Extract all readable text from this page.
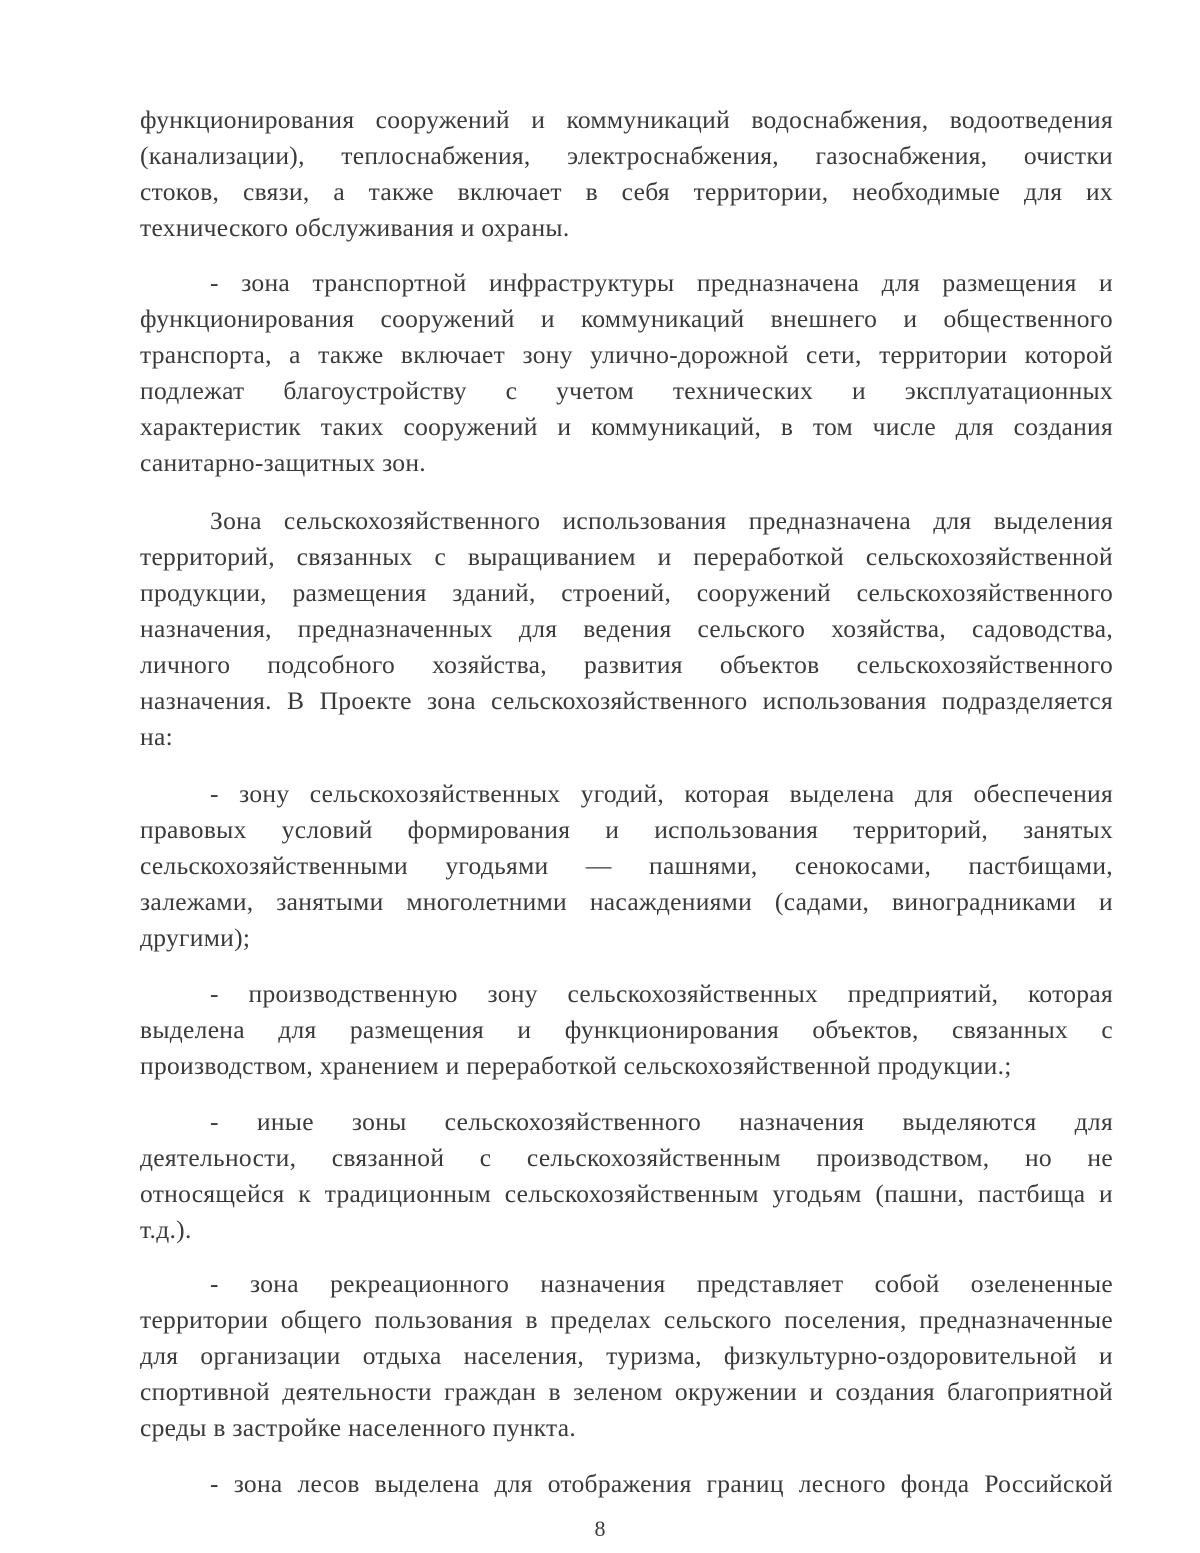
функционирования сооружений и коммуникаций водоснабжения, водоотведения
(канализации), теплоснабжения, электроснабжения, газоснабжения, очистки
стоков, связи, а также включает в себя территории, необходимые для их
технического обслуживания и охраны.
- зона транспортной инфраструктуры предназначена для размещения и
функционирования сооружений и коммуникаций внешнего и общественного
транспорта, а также включает зону улично-дорожной сети, территории которой
подлежат благоустройству с учетом технических и эксплуатационных
характеристик таких сооружений и коммуникаций, в том числе для создания
санитарно-защитных зон.
Зона сельскохозяйственного использования предназначена для выделения
территорий, связанных с выращиванием и переработкой сельскохозяйственной
продукции, размещения зданий, строений, сооружений сельскохозяйственного
назначения, предназначенных для ведения сельского хозяйства, садоводства,
личного подсобного хозяйства, развития объектов сельскохозяйственного
назначения. В Проекте зона сельскохозяйственного использования подразделяется
на:
- зону сельскохозяйственных угодий, которая выделена для обеспечения
правовых условий формирования и использования территорий, занятых
сельскохозяйственными угодьями — пашнями, сенокосами, пастбищами,
залежами, занятыми многолетними насаждениями (садами, виноградниками и
другими);
- производственную зону сельскохозяйственных предприятий, которая
выделена для размещения и функционирования объектов, связанных с
производством, хранением и переработкой сельскохозяйственной продукции.;
- иные зоны сельскохозяйственного назначения выделяются для
деятельности, связанной с сельскохозяйственным производством, но не
относящейся к традиционным сельскохозяйственным угодьям (пашни, пастбища и
т.д.).
- зона рекреационного назначения представляет собой озелененные
территории общего пользования в пределах сельского поселения, предназначенные
для организации отдыха населения, туризма, физкультурно-оздоровительной и
спортивной деятельности граждан в зеленом окружении и создания благоприятной
среды в застройке населенного пункта.
- зона лесов выделена для отображения границ лесного фонда Российской
8
